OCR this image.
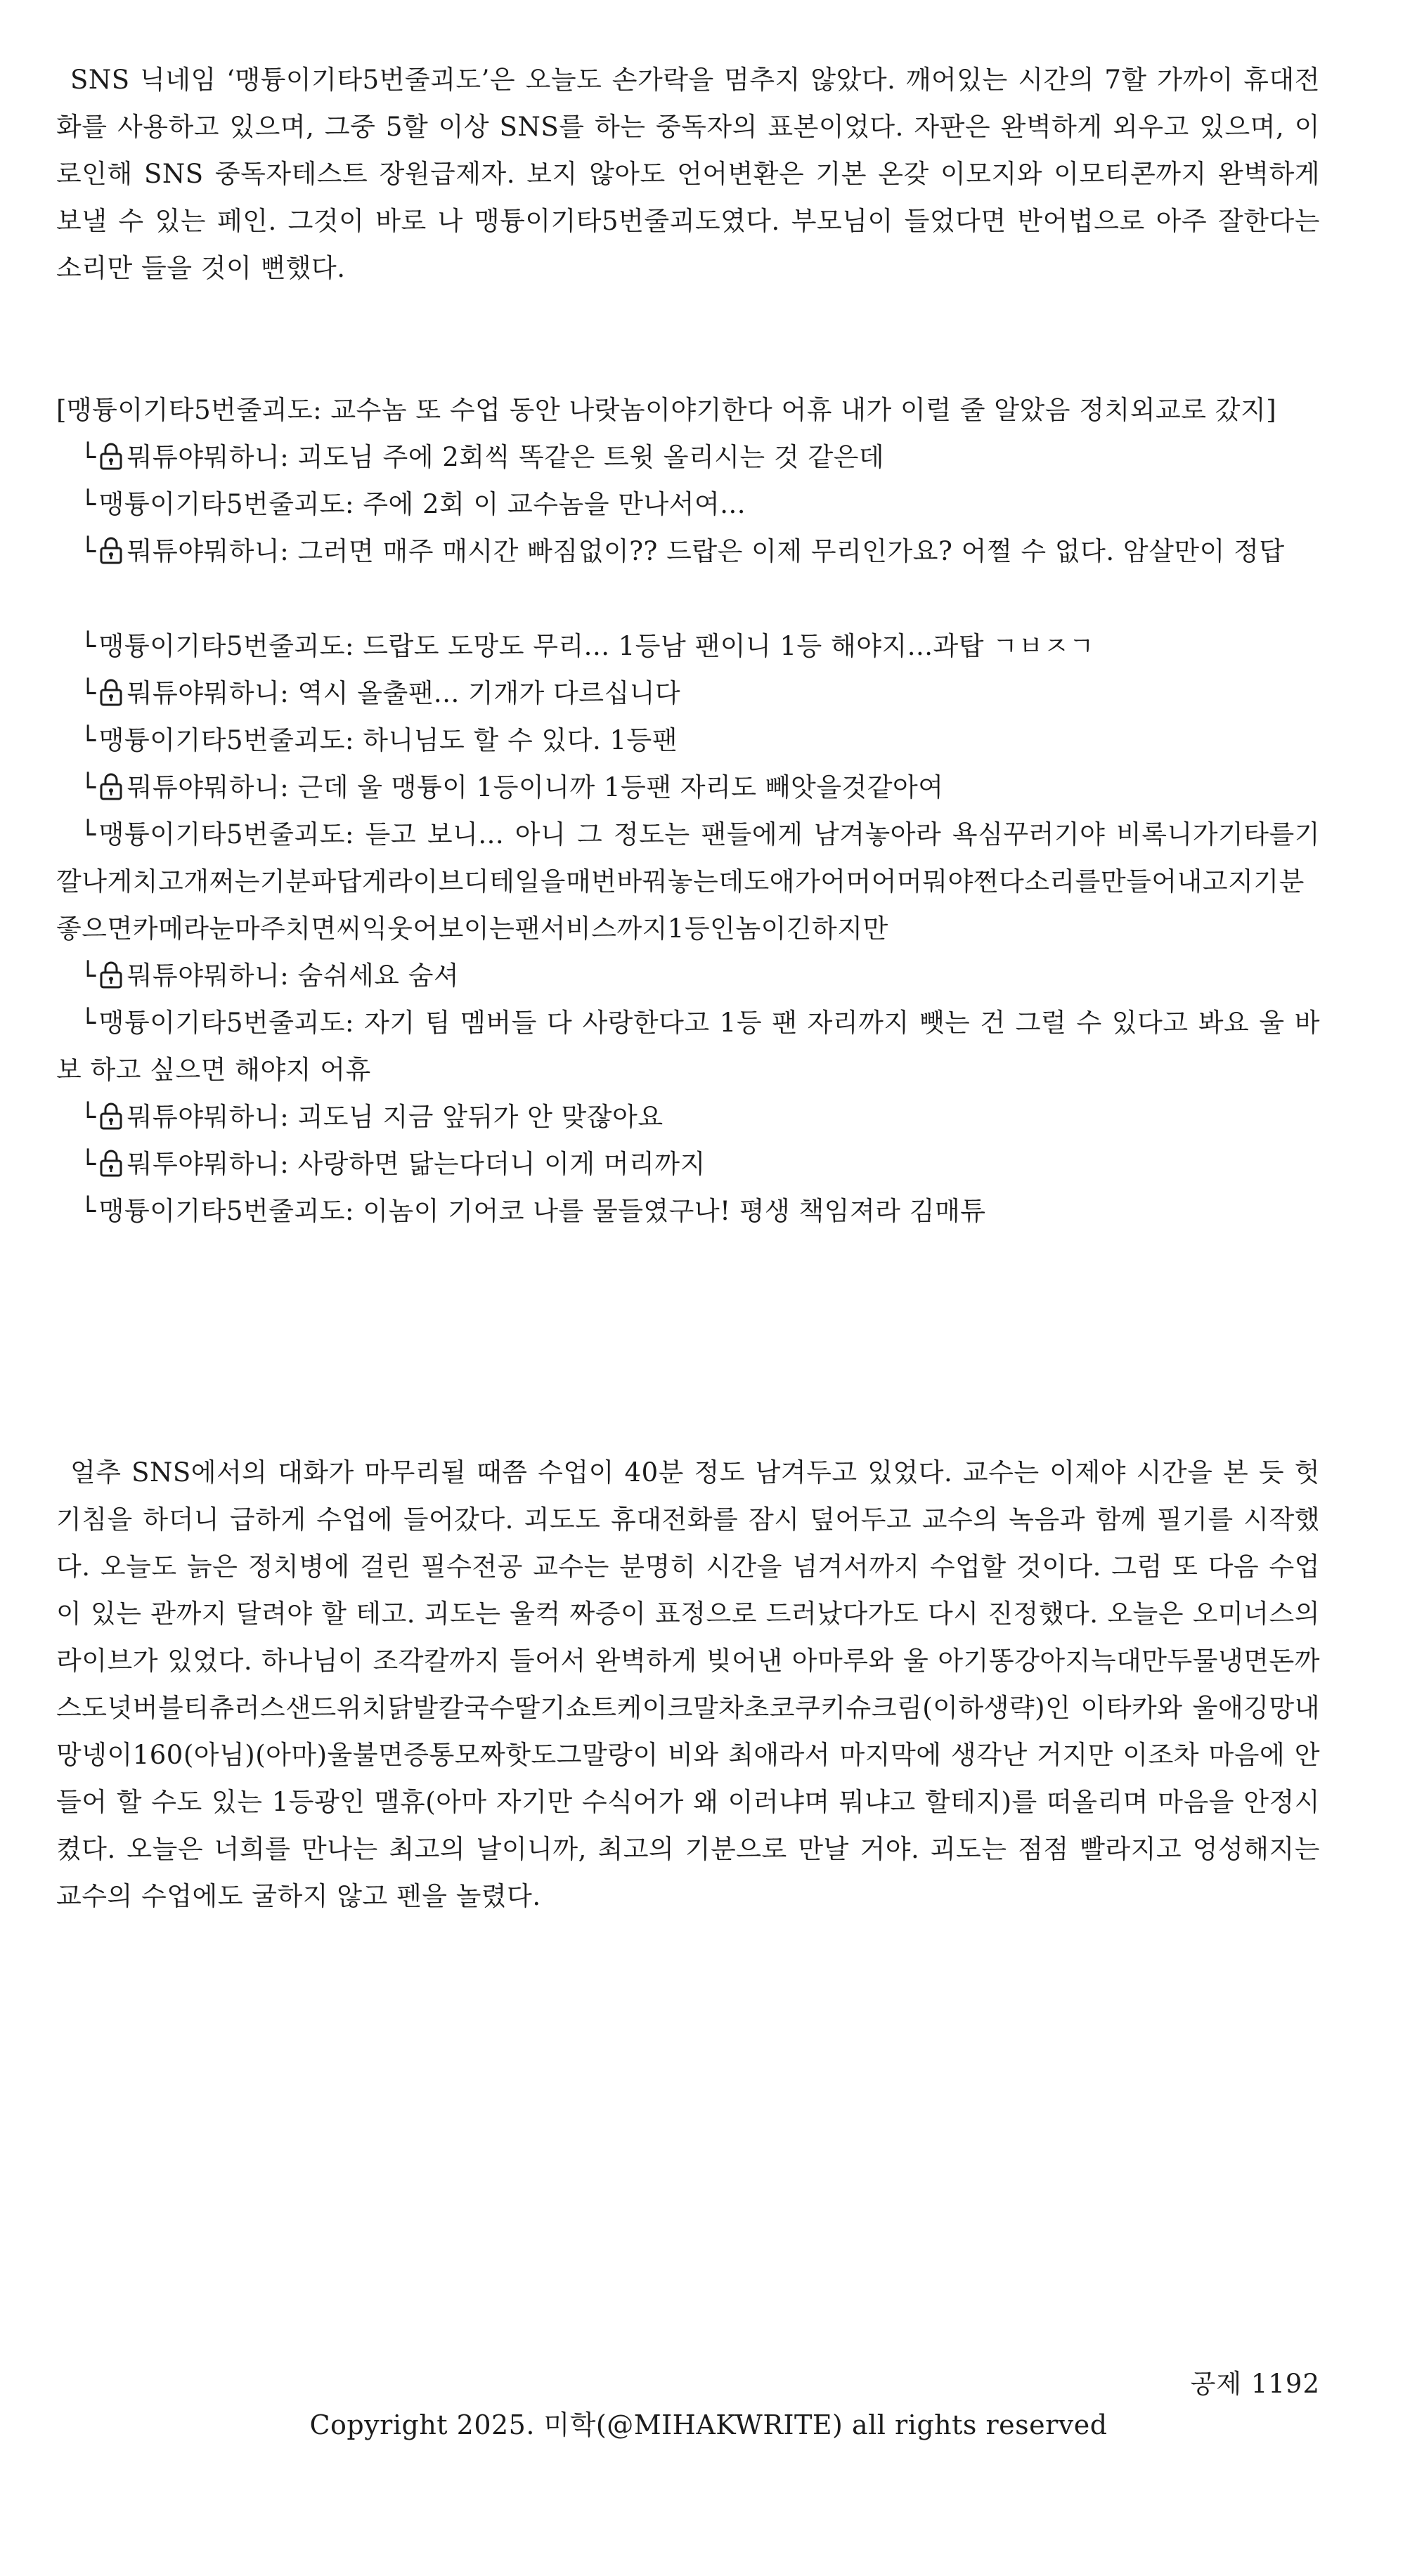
SNS 닉네임 ‘맹튱이기타5번줄괴도’은 오늘도 손가락을 멈추지 않았다. 깨어있는 시간의 7할 가까이 휴대전화를 사용하고 있으며, 그중 5할 이상 SNS를 하는 중독자의 표본이었다. 자판은 완벽하게 외우고 있으며, 이로인해 SNS 중독자테스트 장원급제자. 보지 않아도 언어변환은 기본 온갖 이모지와 이모티콘까지 완벽하게 보낼 수 있는 페인. 그것이 바로 나 맹튱이기타5번줄괴도였다. 부모님이 들었다면 반어법으로 아주 잘한다는 소리만 들을 것이 뻔했다.

[맹튱이기타5번줄괴도: 교수놈 또 수업 동안 나랏놈이야기한다 어휴 내가 이럴 줄 알았음 정치외교로 갔지]

└ 뭐튜야뭐하니: 괴도님 주에 2회씩 똑같은 트윗 올리시는 것 같은데

└ 맹튱이기타5번줄괴도: 주에 2회 이 교수놈을 만나서여...

└ 뭐튜야뭐하니: 그러면 매주 매시간 빠짐없이?? 드랍은 이제 무리인가요? 어쩔 수 없다. 암살만이 정답

└ 맹튱이기타5번줄괴도: 드랍도 도망도 무리... 1등남 팬이니 1등 해야지...과탑 ㄱㅂㅈㄱ

└ 뭐튜야뭐하니: 역시 올출팬... 기개가 다르십니다

└ 맹튱이기타5번줄괴도: 하니님도 할 수 있다. 1등팬

└ 뭐튜야뭐하니: 근데 울 맹튱이 1등이니까 1등팬 자리도 빼앗을것같아여

└ 맹튱이기타5번줄괴도: 듣고 보니... 아니 그 정도는 팬들에게 남겨놓아라 욕심꾸러기야 비록니가기타를기깔나게치고개쩌는기분파답게라이브디테일을매번바꿔놓는데도애가어머어머뭐야쩐다소리를만들어내고지기분좋으면카메라눈마주치면씨익웃어보이는팬서비스까지1등인놈이긴하지만

└ 뭐튜야뭐하니: 숨쉬세요 숨셔

└ 맹튱이기타5번줄괴도: 자기 팀 멤버들 다 사랑한다고 1등 팬 자리까지 뺏는 건 그럴 수 있다고 봐요 울 바보 하고 싶으면 해야지 어휴

└ 뭐튜야뭐하니: 괴도님 지금 앞뒤가 안 맞잖아요

└ 뭐투야뭐하니: 사랑하면 닮는다더니 이게 머리까지

└ 맹튱이기타5번줄괴도: 이놈이 기어코 나를 물들였구나! 평생 책임져라 김매튜

얼추 SNS에서의 대화가 마무리될 때쯤 수업이 40분 정도 남겨두고 있었다. 교수는 이제야 시간을 본 듯 헛기침을 하더니 급하게 수업에 들어갔다. 괴도도 휴대전화를 잠시 덮어두고 교수의 녹음과 함께 필기를 시작했다. 오늘도 늙은 정치병에 걸린 필수전공 교수는 분명히 시간을 넘겨서까지 수업할 것이다. 그럼 또 다음 수업이 있는 관까지 달려야 할 테고. 괴도는 울컥 짜증이 표정으로 드러났다가도 다시 진정했다. 오늘은 오미너스의 라이브가 있었다. 하나님이 조각칼까지 들어서 완벽하게 빚어낸 아마루와 울 아기똥강아지늑대만두물냉면돈까스도넛버블티츄러스샌드위치닭발칼국수딸기쇼트케이크말차초코쿠키슈크림(이하생략)인 이타카와 울애깅망내망넹이160(아님)(아마)울불면증통모짜핫도그말랑이 비와 최애라서 마지막에 생각난 거지만 이조차 마음에 안 들어 할 수도 있는 1등광인 맬휴(아마 자기만 수식어가 왜 이러냐며 뭐냐고 할테지)를 떠올리며 마음을 안정시켰다. 오늘은 너희를 만나는 최고의 날이니까, 최고의 기분으로 만날 거야. 괴도는 점점 빨라지고 엉성해지는 교수의 수업에도 굴하지 않고 펜을 놀렸다.

공제 1192
Copyright 2025. 미학(@MIHAKWRITE) all rights reserved
